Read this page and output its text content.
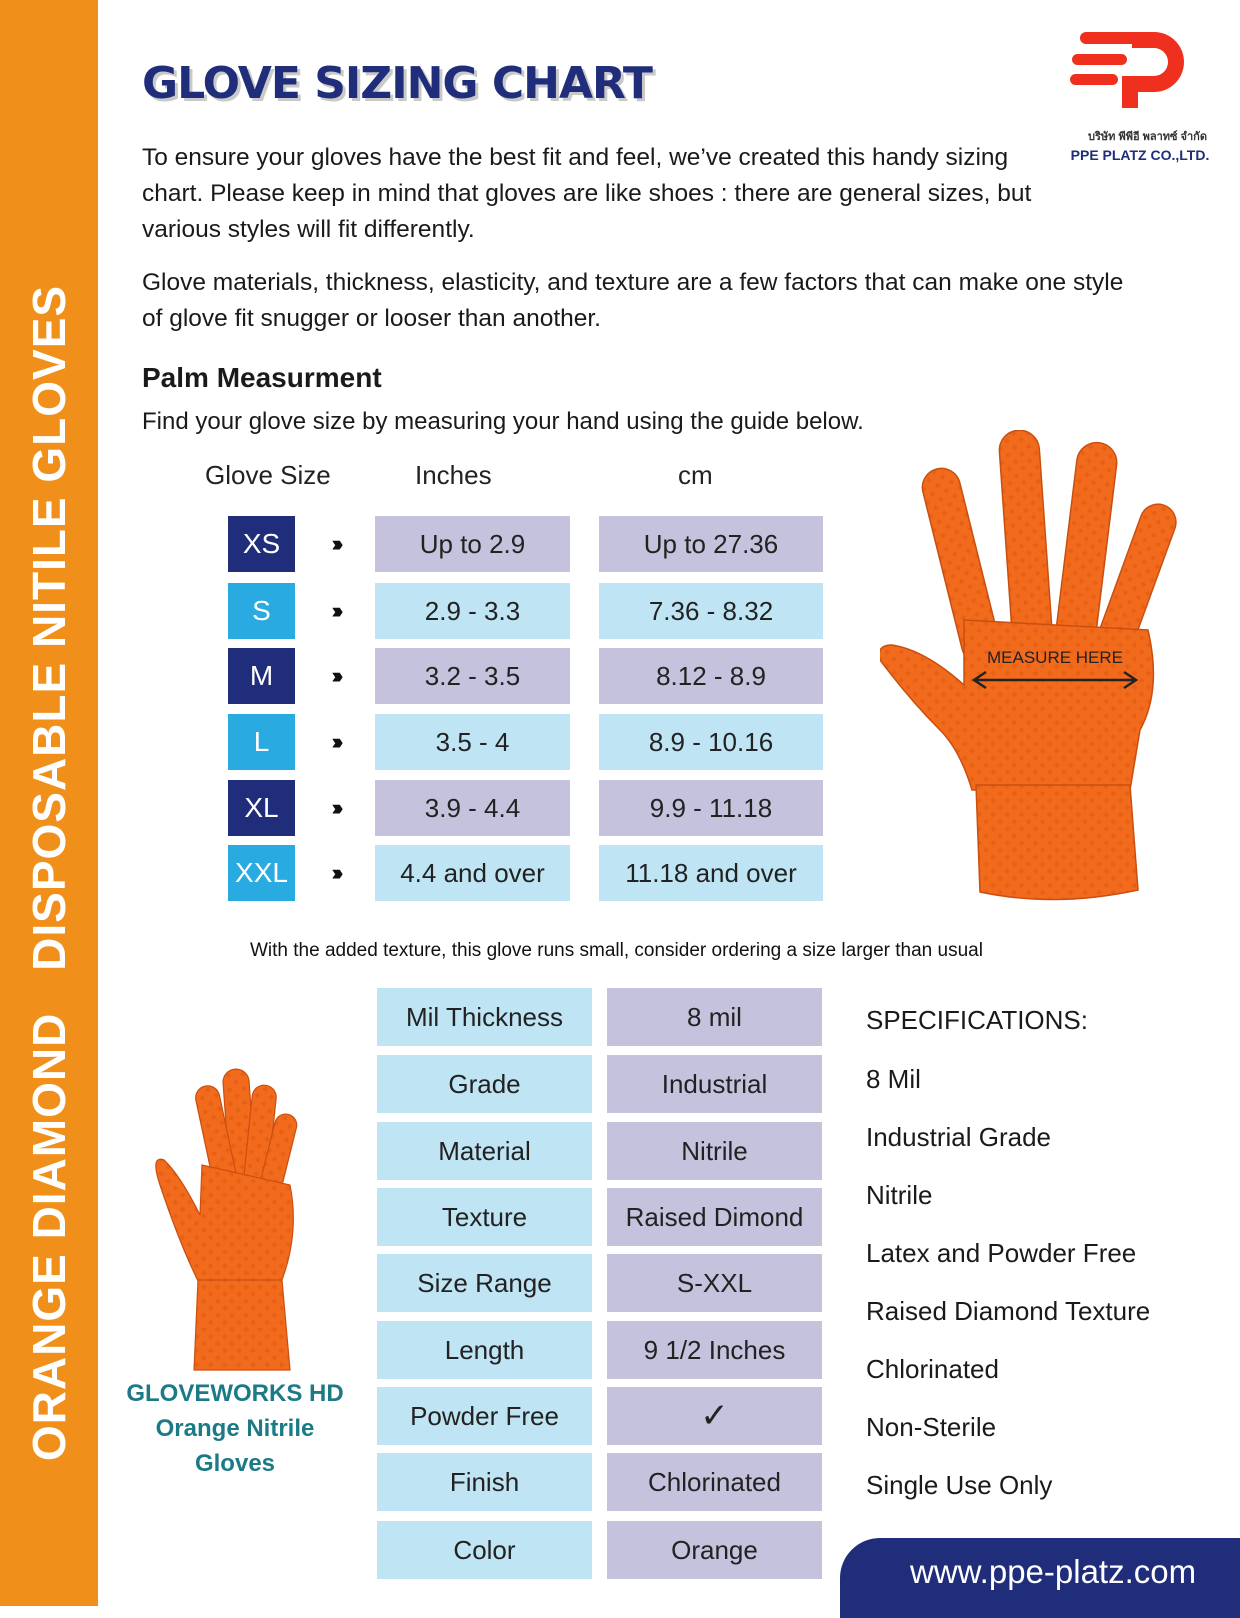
ORANGE DIAMOND DISPOSABLE NITILE GLOVES
GLOVE SIZING CHART
บริษัท พีพีอี พลาทซ์ จำกัด
PPE PLATZ CO.,LTD.

To ensure your gloves have the best fit and feel, we’ve created this handy sizing chart. Please keep in mind that gloves are like shoes : there are general sizes, but various styles will fit differently.

Glove materials, thickness, elasticity, and texture are a few factors that can make one style of glove fit snugger or looser than another.

Palm Measurment

Find your glove size by measuring your hand using the guide below.

Glove Size	Inches	cm
XS	›››	Up to 2.9	Up to 27.36
S	›››	2.9 - 3.3	7.36 - 8.32
M	›››	3.2 - 3.5	8.12 - 8.9
L	›››	3.5 - 4	8.9 - 10.16
XL	›››	3.9 - 4.4	9.9 - 11.18
XXL	›››	4.4 and over	11.18 and over
MEASURE HERE

With the added texture, this glove runs small, consider ordering a size larger than usual

Mil Thickness	8 mil
Grade	Industrial
Material	Nitrile
Texture	Raised Dimond
Size Range	S-XXL
Length	9 1/2 Inches
Powder Free	✓
Finish	Chlorinated
Color	Orange

SPECIFICATIONS:

8 Mil

Industrial Grade

Nitrile

Latex and Powder Free

Raised Diamond Texture

Chlorinated

Non-Sterile

Single Use Only

GLOVEWORKS HD
Orange Nitrile
Gloves
www.ppe-platz.com
